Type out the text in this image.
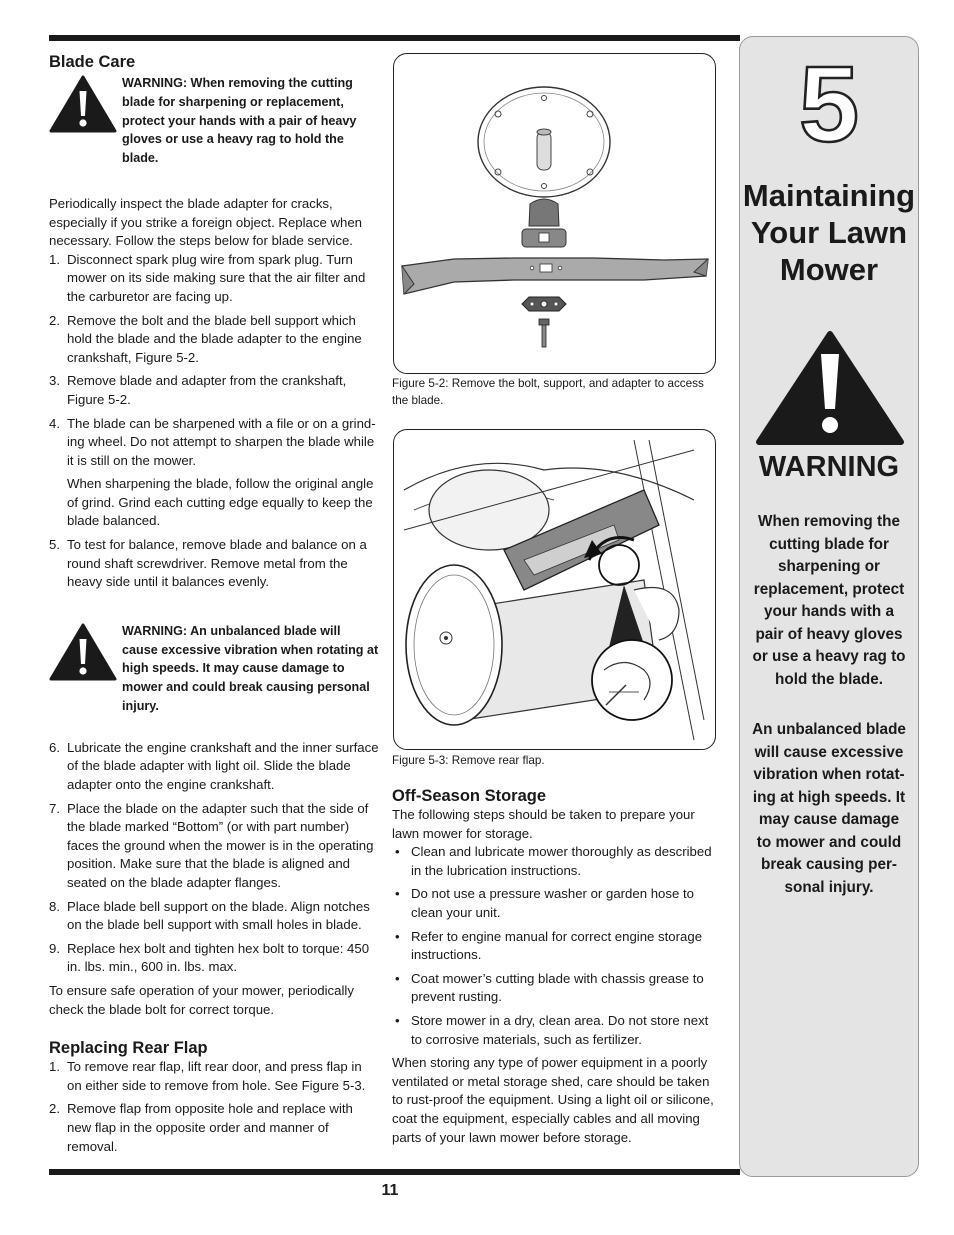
Blade Care
WARNING: When removing the cutting blade for sharpening or replacement, protect your hands with a pair of heavy gloves or use a heavy rag to hold the blade.

Periodically inspect the blade adapter for cracks, especially if you strike a foreign object. Replace when necessary. Follow the steps below for blade service.

1. Disconnect spark plug wire from spark plug. Turn mower on its side making sure that the air filter and the carburetor are facing up.
2. Remove the bolt and the blade bell support which hold the blade and the blade adapter to the engine crankshaft, Figure 5-2.
3. Remove blade and adapter from the crankshaft, Figure 5-2.
4. The blade can be sharpened with a file or on a grind-ing wheel. Do not attempt to sharpen the blade while it is still on the mower.

When sharpening the blade, follow the original angle of grind. Grind each cutting edge equally to keep the blade balanced.

5. To test for balance, remove blade and balance on a round shaft screwdriver. Remove metal from the heavy side until it balances evenly.
WARNING: An unbalanced blade will cause excessive vibration when rotating at high speeds. It may cause damage to mower and could break causing personal injury.
6. Lubricate the engine crankshaft and the inner surface of the blade adapter with light oil. Slide the blade adapter onto the engine crankshaft.
7. Place the blade on the adapter such that the side of the blade marked “Bottom” (or with part number) faces the ground when the mower is in the operating position. Make sure that the blade is aligned and seated on the blade adapter flanges.
8. Place blade bell support on the blade. Align notches on the blade bell support with small holes in blade.
9. Replace hex bolt and tighten hex bolt to torque: 450 in. lbs. min., 600 in. lbs. max.

To ensure safe operation of your mower, periodically check the blade bolt for correct torque.

Replacing Rear Flap
1. To remove rear flap, lift rear door, and press flap in on either side to remove from hole. See Figure 5-3.
2. Remove flap from opposite hole and replace with new flap in the opposite order and manner of removal.
Figure 5-2: Remove the bolt, support, and adapter to access the blade.
Figure 5-3: Remove rear flap.
Off-Season Storage

The following steps should be taken to prepare your lawn mower for storage.

• Clean and lubricate mower thoroughly as described in the lubrication instructions.
• Do not use a pressure washer or garden hose to clean your unit.
• Refer to engine manual for correct engine storage instructions.
• Coat mower’s cutting blade with chassis grease to prevent rusting.
• Store mower in a dry, clean area. Do not store next to corrosive materials, such as fertilizer.

When storing any type of power equipment in a poorly ventilated or metal storage shed, care should be taken to rust-proof the equipment. Using a light oil or silicone, coat the equipment, especially cables and all moving parts of your lawn mower before storage.

11
5
Maintaining
Your Lawn
Mower
WARNING
When removing the cutting blade for sharpening or replacement, protect your hands with a pair of heavy gloves or use a heavy rag to hold the blade.
An unbalanced blade will cause excessive vibration when rotat-ing at high speeds. It may cause damage to mower and could break causing per-sonal injury.
